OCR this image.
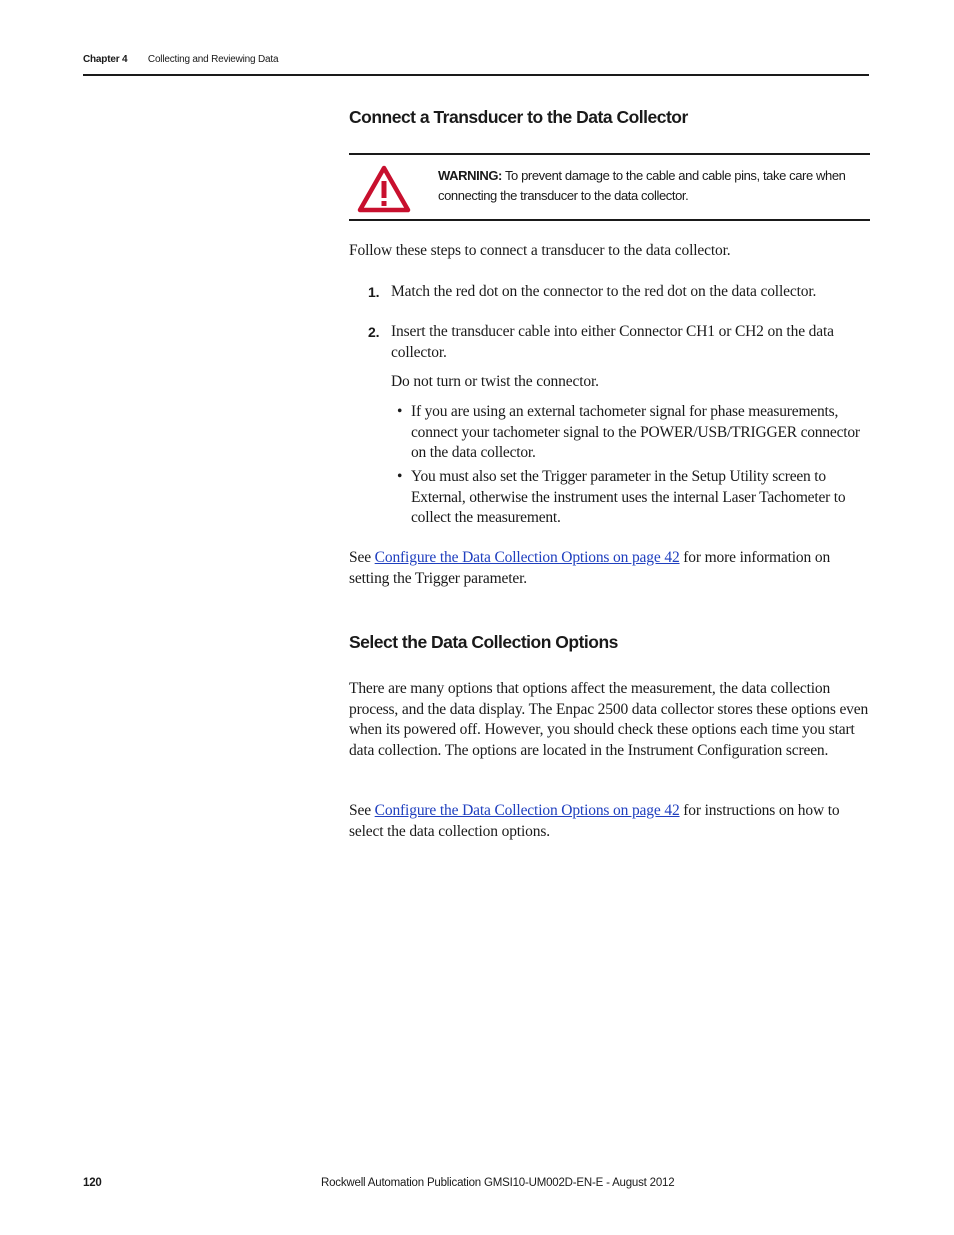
Chapter 4 Collecting and Reviewing Data
Connect a Transducer to the Data Collector
WARNING: To prevent damage to the cable and cable pins, take care when connecting the transducer to the data collector.

Follow these steps to connect a transducer to the data collector.

1. Match the red dot on the connector to the red dot on the data collector.
2. Insert the transducer cable into either Connector CH1 or CH2 on the data collector.
Do not turn or twist the connector.
• If you are using an external tachometer signal for phase measurements, connect your tachometer signal to the POWER/USB/TRIGGER connector on the data collector.
• You must also set the Trigger parameter in the Setup Utility screen to External, otherwise the instrument uses the internal Laser Tachometer to collect the measurement.

See Configure the Data Collection Options on page 42 for more information on setting the Trigger parameter.

Select the Data Collection Options

There are many options that options affect the measurement, the data collection process, and the data display. The Enpac 2500 data collector stores these options even when its powered off. However, you should check these options each time you start data collection. The options are located in the Instrument Configuration screen.

See Configure the Data Collection Options on page 42 for instructions on how to select the data collection options.

120	Rockwell Automation Publication GMSI10-UM002D-EN-E - August 2012
